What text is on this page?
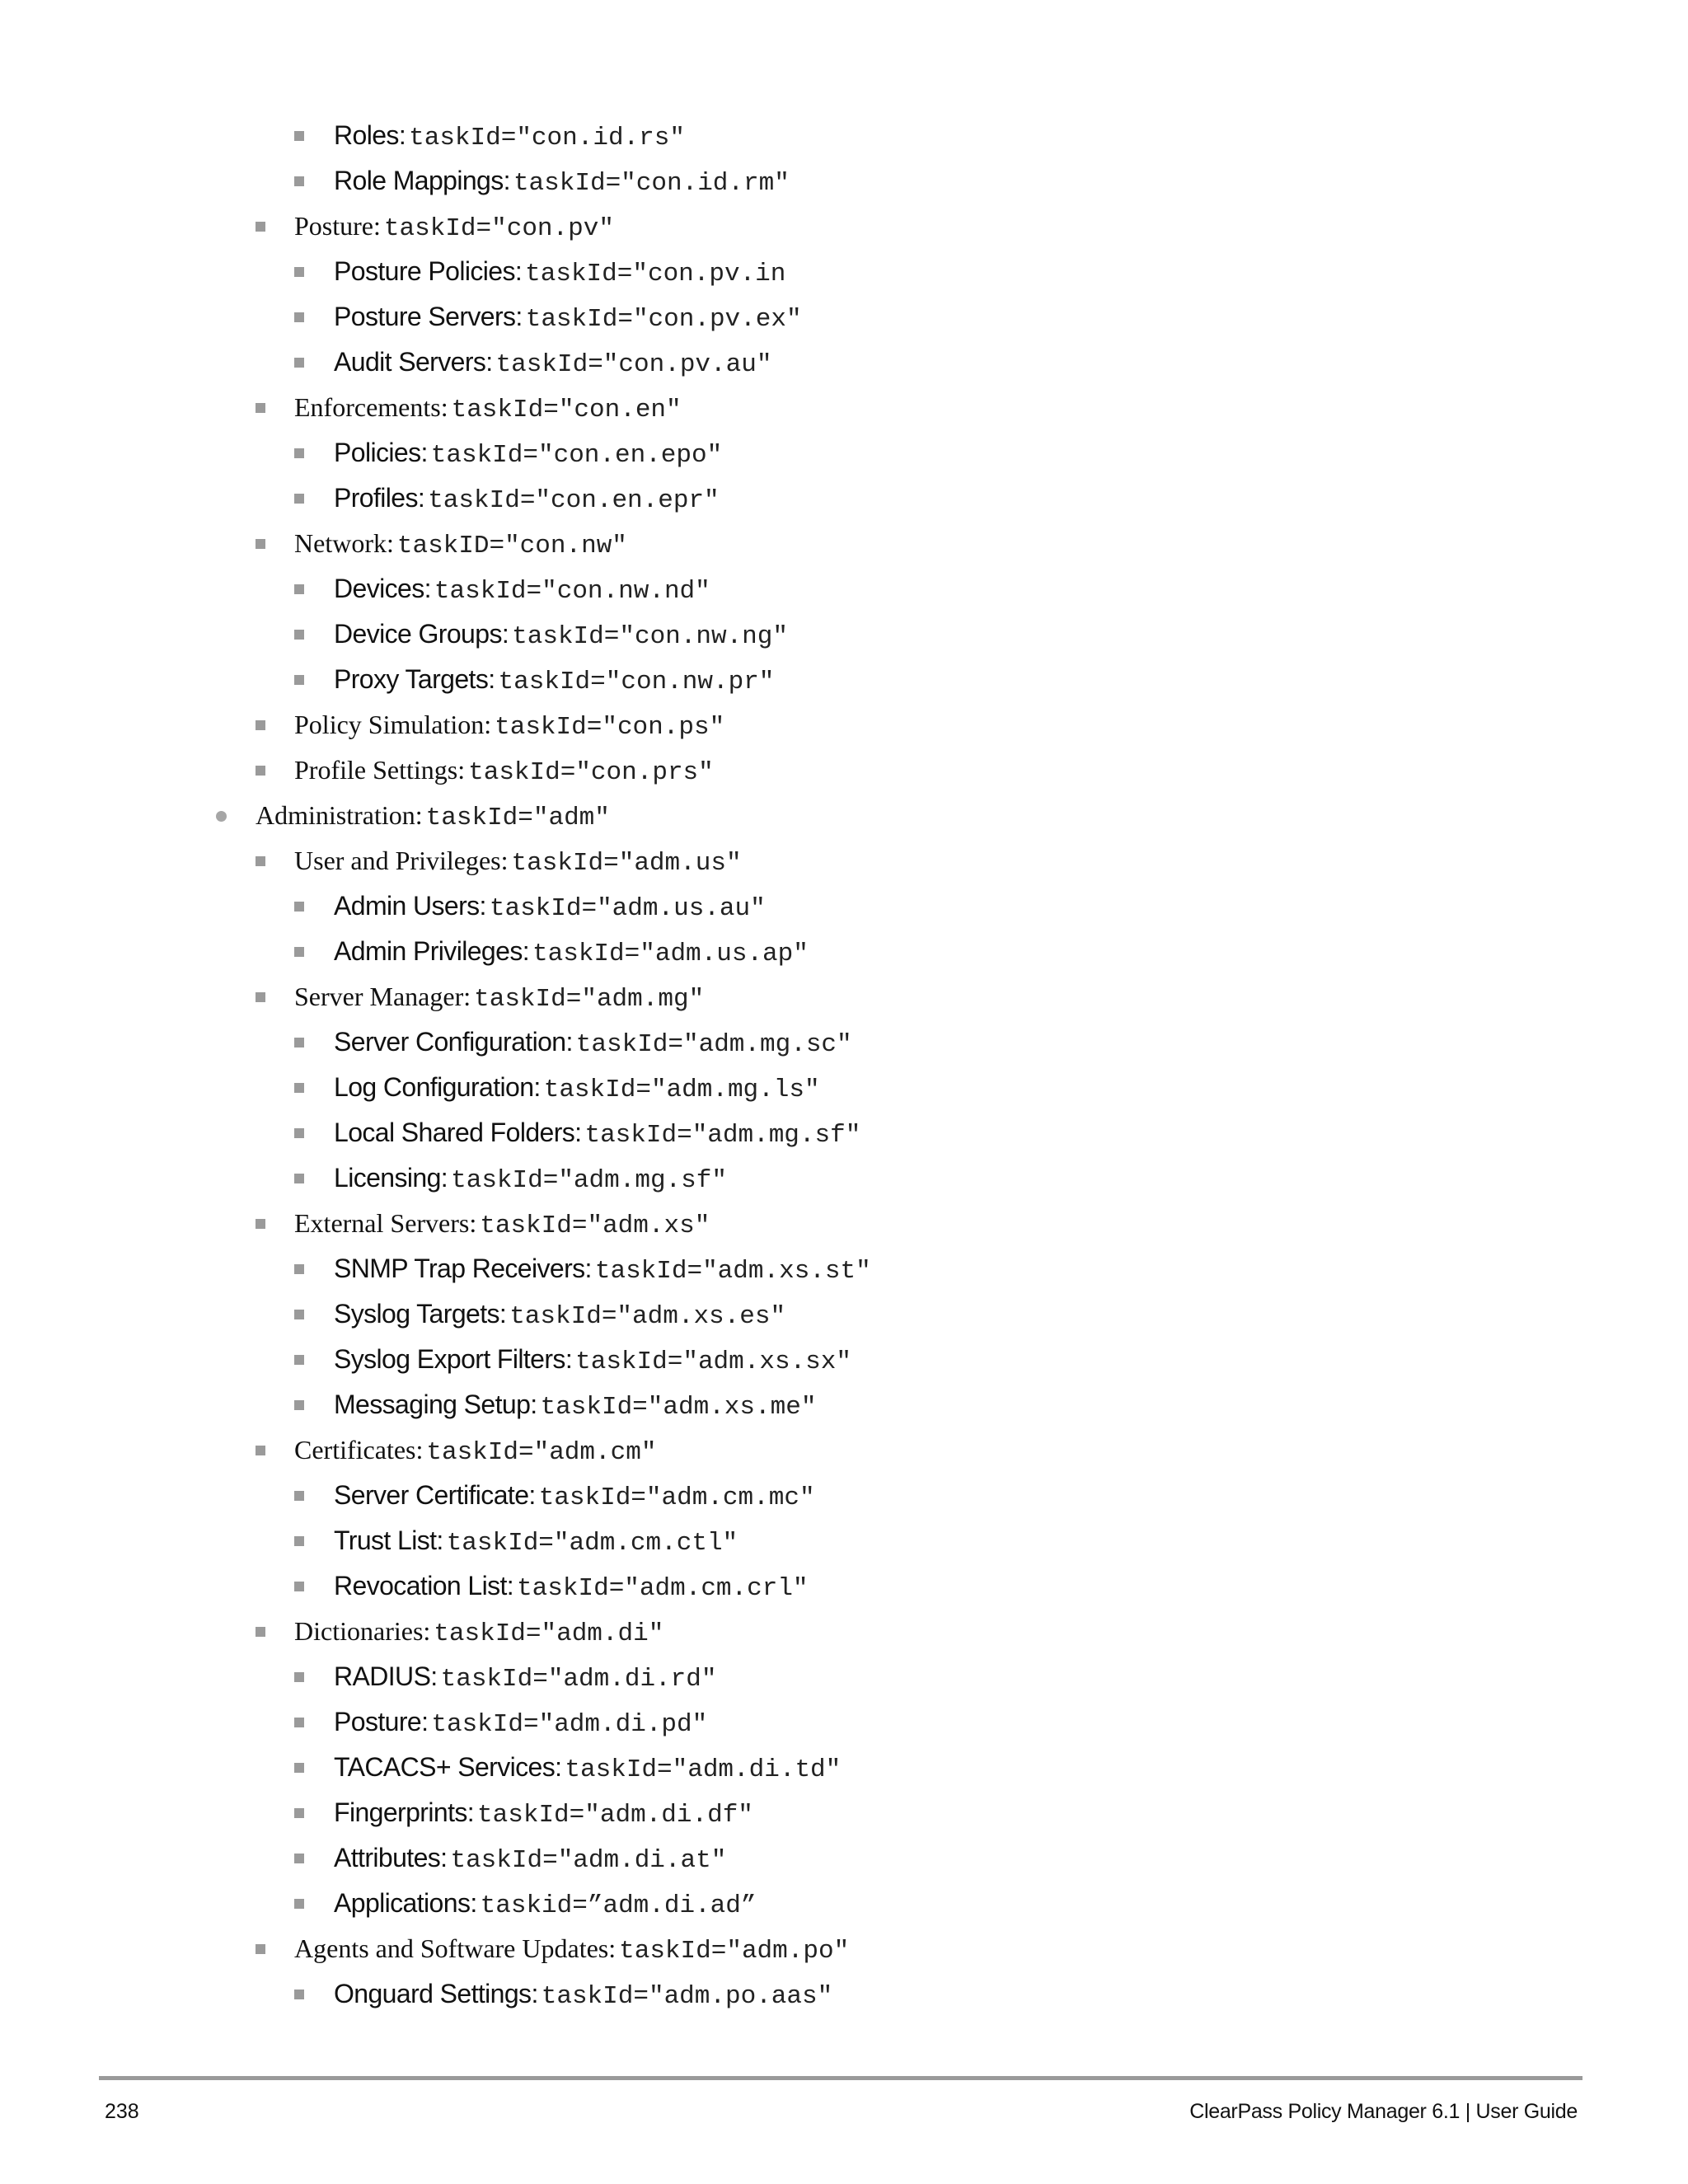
Roles: taskId="con.id.rs"
Role Mappings: taskId="con.id.rm"
Posture: taskId="con.pv"
Posture Policies: taskId="con.pv.in
Posture Servers: taskId="con.pv.ex"
Audit Servers: taskId="con.pv.au"
Enforcements: taskId="con.en"
Policies: taskId="con.en.epo"
Profiles: taskId="con.en.epr"
Network: taskID="con.nw"
Devices: taskId="con.nw.nd"
Device Groups: taskId="con.nw.ng"
Proxy Targets: taskId="con.nw.pr"
Policy Simulation: taskId="con.ps"
Profile Settings: taskId="con.prs"
Administration: taskId="adm"
User and Privileges: taskId="adm.us"
Admin Users: taskId="adm.us.au"
Admin Privileges: taskId="adm.us.ap"
Server Manager: taskId="adm.mg"
Server Configuration: taskId="adm.mg.sc"
Log Configuration: taskId="adm.mg.ls"
Local Shared Folders: taskId="adm.mg.sf"
Licensing: taskId="adm.mg.sf"
External Servers: taskId="adm.xs"
SNMP Trap Receivers: taskId="adm.xs.st"
Syslog Targets: taskId="adm.xs.es"
Syslog Export Filters: taskId="adm.xs.sx"
Messaging Setup: taskId="adm.xs.me"
Certificates: taskId="adm.cm"
Server Certificate: taskId="adm.cm.mc"
Trust List: taskId="adm.cm.ctl"
Revocation List: taskId="adm.cm.crl"
Dictionaries: taskId="adm.di"
RADIUS: taskId="adm.di.rd"
Posture: taskId="adm.di.pd"
TACACS+ Services: taskId="adm.di.td"
Fingerprints: taskId="adm.di.df"
Attributes: taskId="adm.di.at"
Applications: taskid=”adm.di.ad”
Agents and Software Updates: taskId="adm.po"
Onguard Settings: taskId="adm.po.aas"
238	ClearPass Policy Manager 6.1 | User Guide
